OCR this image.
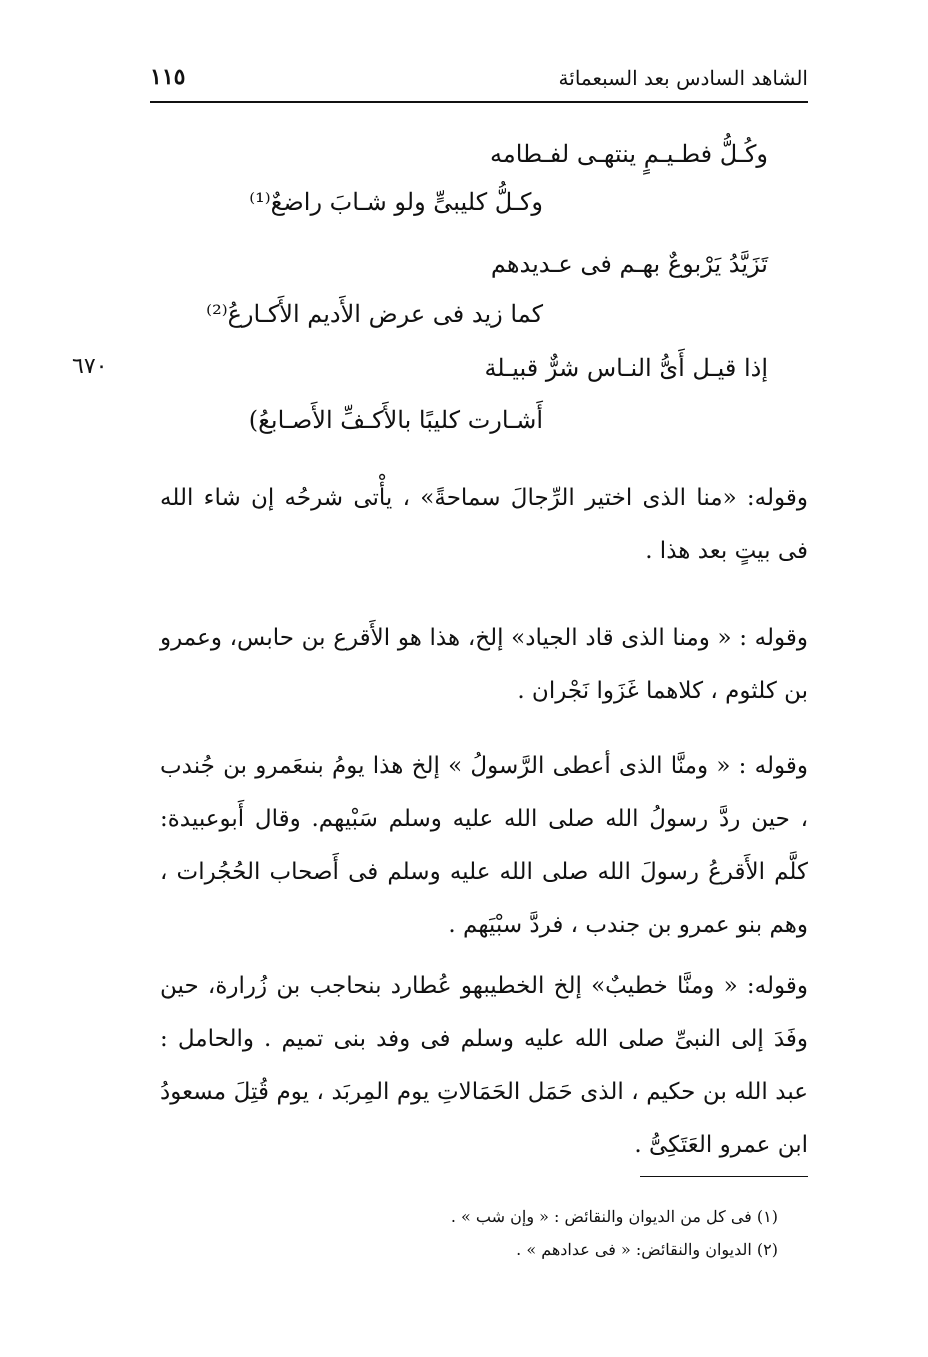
الشاهد السادس بعد السبعمائة
١١٥
٦٧٠
وكُـلُّ فطـيـمٍ ينتهـى لفـطامه
وكـلُّ كليبىٍّ ولو شـابَ راضعٌ⁽¹⁾
تَزَيَّدُ يَرْبوعٌ بهـم فى عـديدهم
كما زيد فى عرض الأَديم الأَكـارعُ⁽²⁾
إذا قيـل أَىُّ النـاس شرٌّ قبيـلة
أَشـارت كليبًا بالأَكـفِّ الأَصـابعُ)
وقوله: «منا الذى اختير الرِّجالَ سماحةً» ، يأْتى شرحُه إن شاء الله فى بيتٍ بعد هذا .
وقوله : « ومنا الذى قاد الجياد» إلخ، هذا هو الأَقرع بن حابس، وعمرو بن كلثوم ، كلاهما غَزَوا نَجْران .
وقوله : « ومنَّا الذى أعطى الرَّسولُ » إلخ هذا يومُ بنىعَمرو بن جُندب ، حين ردَّ رسولُ الله صلى الله عليه وسلم سَبْيهم. وقال أَبوعبيدة: كلَّم الأَقرعُ رسولَ الله صلى الله عليه وسلم فى أَصحاب الحُجُرات ، وهم بنو عمرو بن جندب ، فردَّ سبْيَهم .
وقوله: « ومنَّا خطيبٌ» إلخ الخطيبهو عُطارد بنحاجب بن زُرارة، حين وفَدَ إلى النبىِّ صلى الله عليه وسلم فى وفد بنى تميم . والحامل : عبد الله بن حكيم ، الذى حَمَل الحَمَالاتِ يوم المِربَد ، يوم قُتِلَ مسعودُ ابن عمرو العَتَكِىُّ .
(١) فى كل من الديوان والنقائض : « وإن شب » .
(٢) الديوان والنقائض: « فى عدادهم » .
